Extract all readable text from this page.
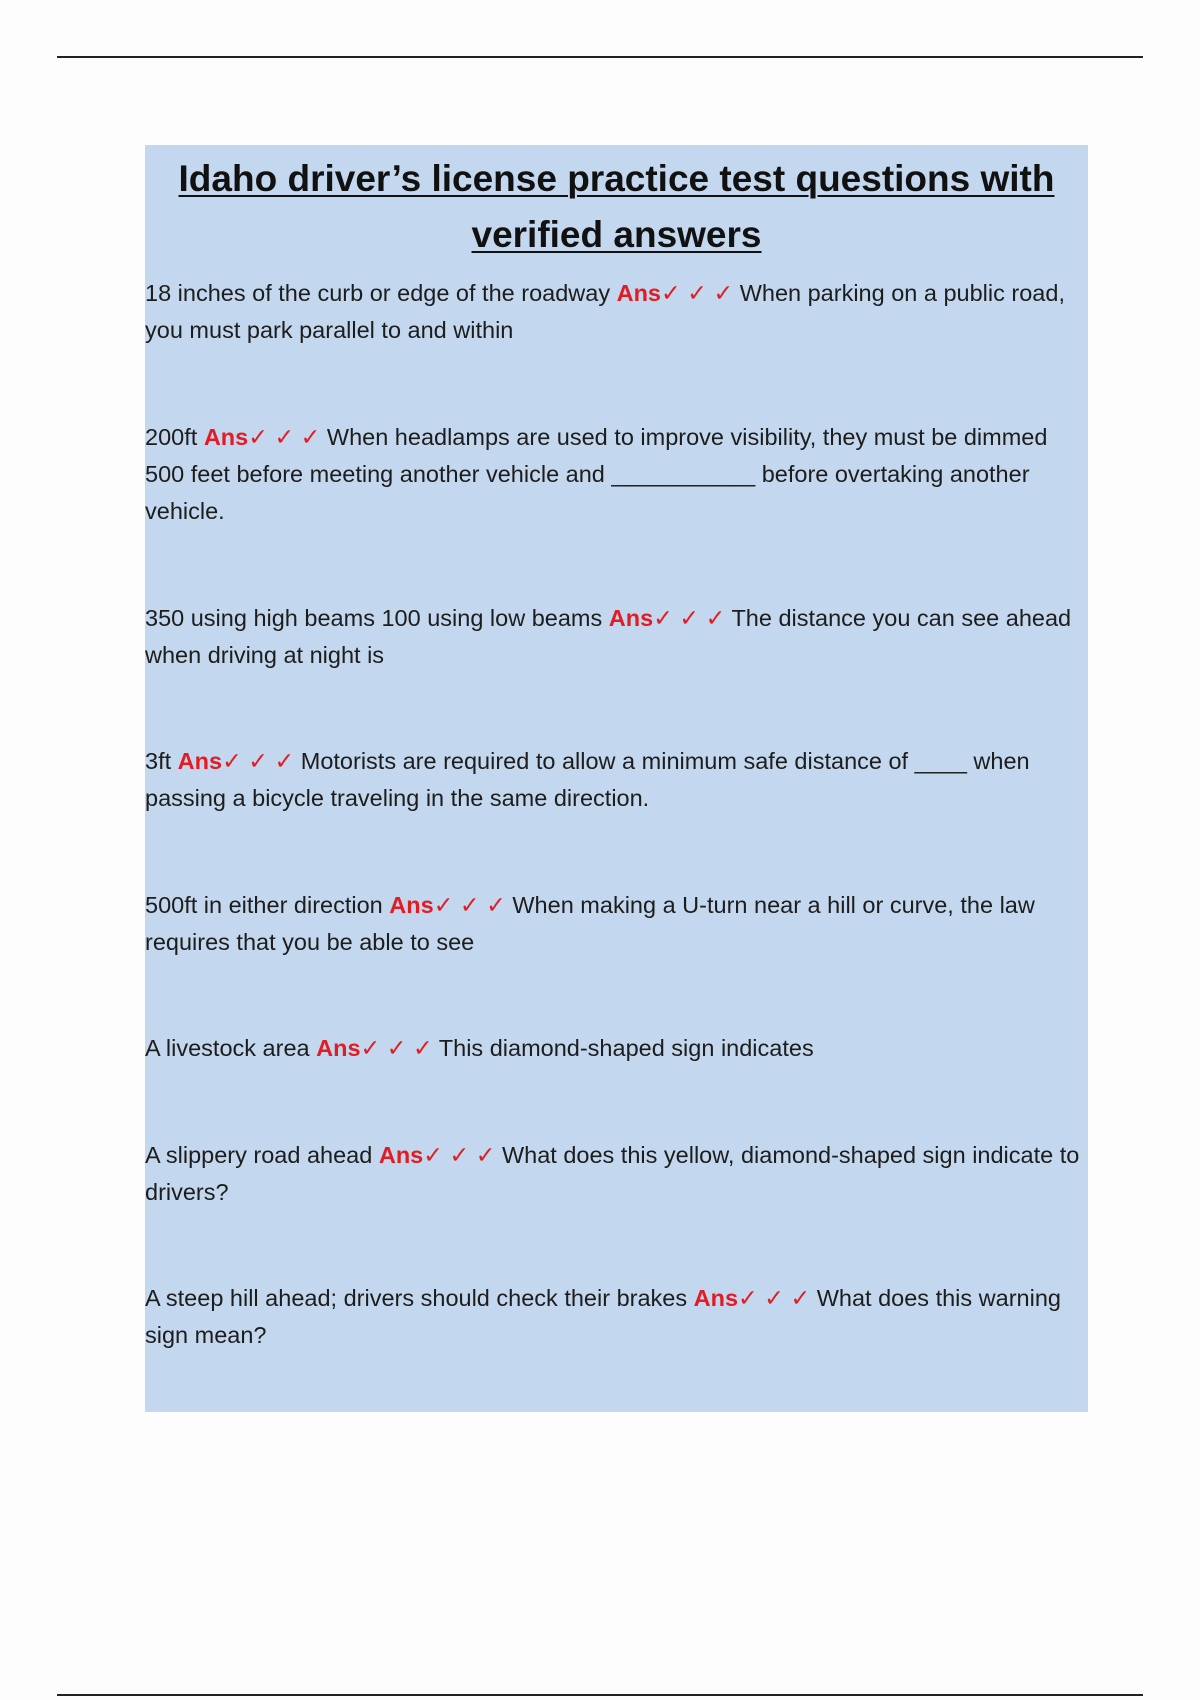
Idaho driver’s license practice test questions with verified answers
18 inches of the curb or edge of the roadway Ans✓ ✓ ✓ When parking on a public road, you must park parallel to and within
200ft Ans✓ ✓ ✓ When headlamps are used to improve visibility, they must be dimmed 500 feet before meeting another vehicle and ___________ before overtaking another vehicle.
350 using high beams 100 using low beams Ans✓ ✓ ✓ The distance you can see ahead when driving at night is
3ft Ans✓ ✓ ✓ Motorists are required to allow a minimum safe distance of ____ when passing a bicycle traveling in the same direction.
500ft in either direction Ans✓ ✓ ✓ When making a U-turn near a hill or curve, the law requires that you be able to see
A livestock area Ans✓ ✓ ✓ This diamond-shaped sign indicates
A slippery road ahead Ans✓ ✓ ✓ What does this yellow, diamond-shaped sign indicate to drivers?
A steep hill ahead; drivers should check their brakes Ans✓ ✓ ✓ What does this warning sign mean?
